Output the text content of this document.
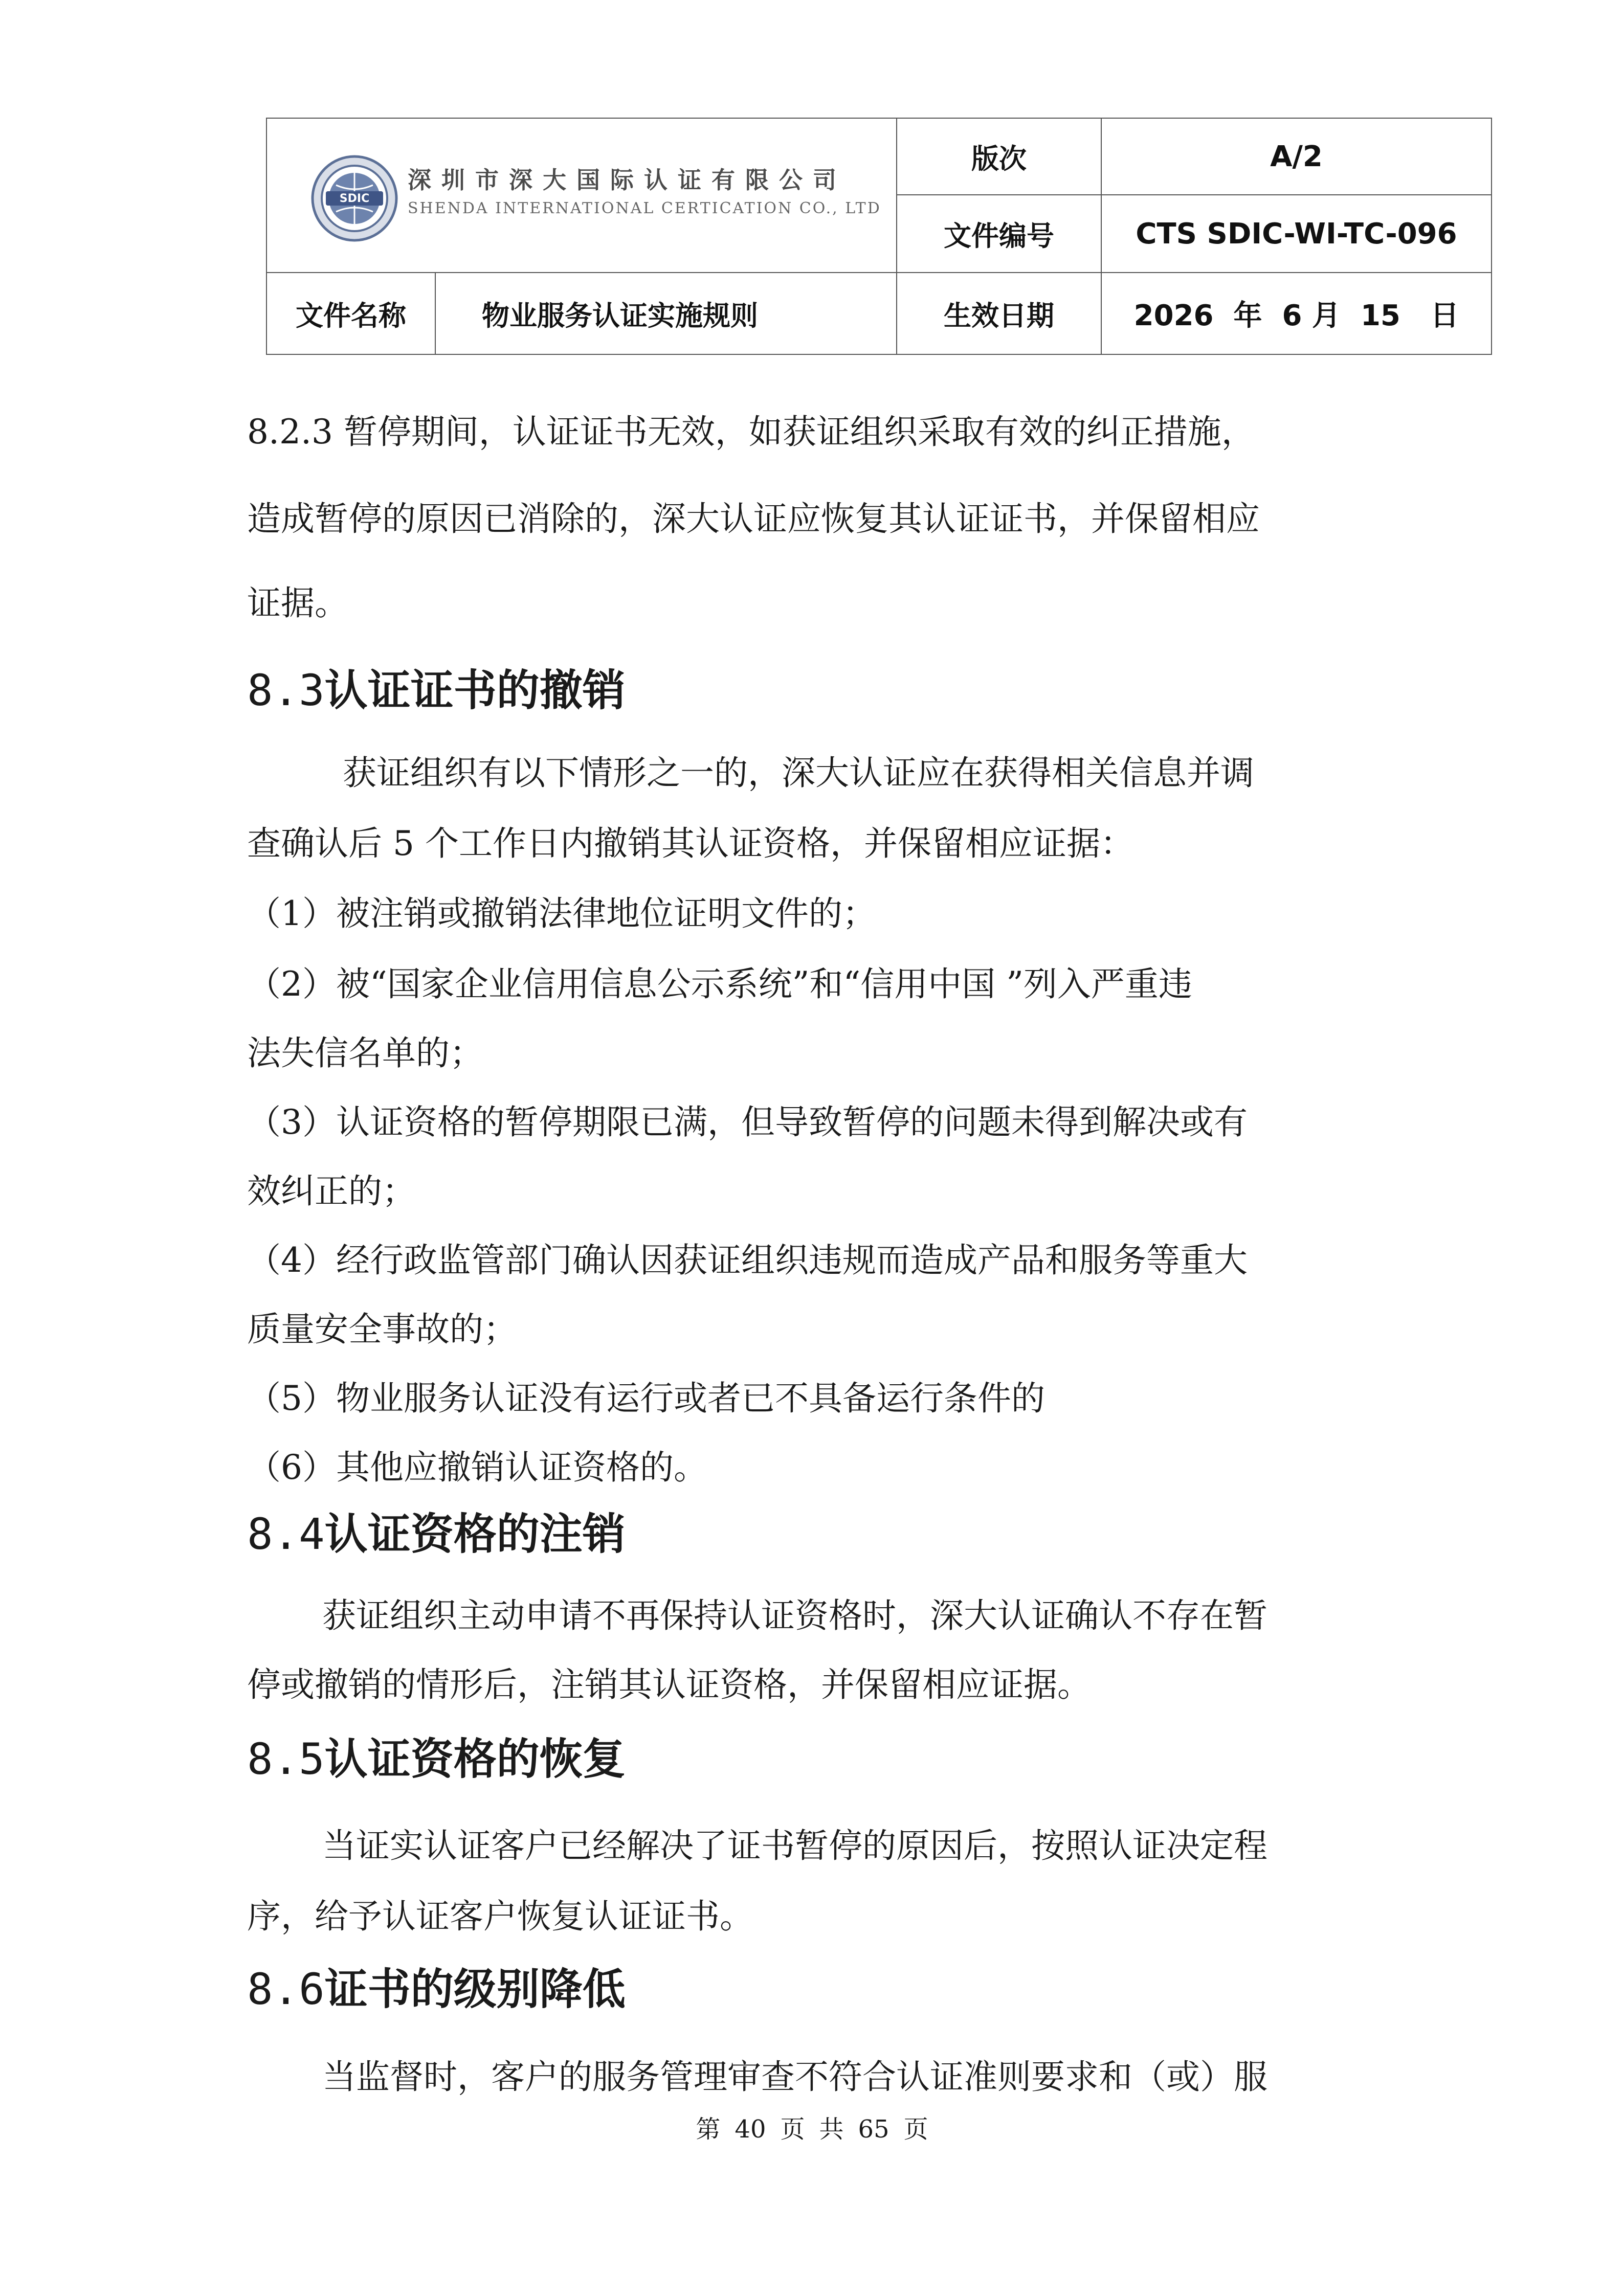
SDIC
深圳市深大国际认证有限公司
SHENDA INTERNATIONAL CERTICATION CO., LTD		版次	A/2
		文件编号	CTS SDIC-WI-TC-096
文件名称	物业服务认证实施规则	生效日期	2026  年  6 月  15   日
8.2.3 暂停期间，认证证书无效，如获证组织采取有效的纠正措施，
造成暂停的原因已消除的，深大认证应恢复其认证证书，并保留相应
证据。
8.3认证证书的撤销
获证组织有以下情形之一的，深大认证应在获得相关信息并调
查确认后 5 个工作日内撤销其认证资格，并保留相应证据：
（1）被注销或撤销法律地位证明文件的；
（2）被“国家企业信用信息公示系统”和“信用中国 ”列入严重违
法失信名单的；
（3）认证资格的暂停期限已满，但导致暂停的问题未得到解决或有
效纠正的；
（4）经行政监管部门确认因获证组织违规而造成产品和服务等重大
质量安全事故的；
（5）物业服务认证没有运行或者已不具备运行条件的
（6）其他应撤销认证资格的。
8.4认证资格的注销
获证组织主动申请不再保持认证资格时，深大认证确认不存在暂
停或撤销的情形后，注销其认证资格，并保留相应证据。
8.5认证资格的恢复
当证实认证客户已经解决了证书暂停的原因后，按照认证决定程
序，给予认证客户恢复认证证书。
8.6证书的级别降低
当监督时，客户的服务管理审查不符合认证准则要求和（或）服
第 40 页 共 65 页
